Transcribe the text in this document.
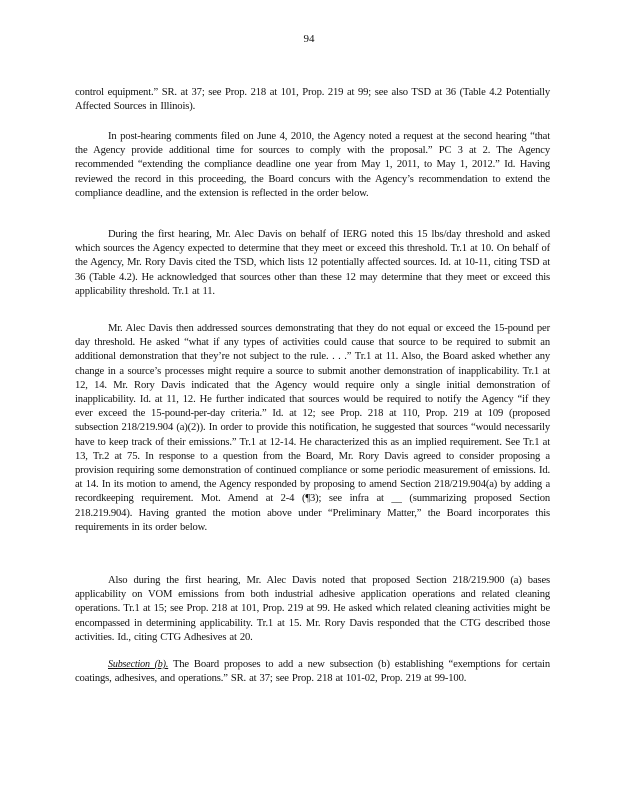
94
control equipment.” SR. at 37; see Prop. 218 at 101, Prop. 219 at 99; see also TSD at 36 (Table 4.2 Potentially Affected Sources in Illinois).
In post-hearing comments filed on June 4, 2010, the Agency noted a request at the second hearing “that the Agency provide additional time for sources to comply with the proposal.” PC 3 at 2. The Agency recommended “extending the compliance deadline one year from May 1, 2011, to May 1, 2012.” Id. Having reviewed the record in this proceeding, the Board concurs with the Agency’s recommendation to extend the compliance deadline, and the extension is reflected in the order below.
During the first hearing, Mr. Alec Davis on behalf of IERG noted this 15 lbs/day threshold and asked which sources the Agency expected to determine that they meet or exceed this threshold. Tr.1 at 10. On behalf of the Agency, Mr. Rory Davis cited the TSD, which lists 12 potentially affected sources. Id. at 10-11, citing TSD at 36 (Table 4.2). He acknowledged that sources other than these 12 may determine that they meet or exceed this applicability threshold. Tr.1 at 11.
Mr. Alec Davis then addressed sources demonstrating that they do not equal or exceed the 15-pound per day threshold. He asked “what if any types of activities could cause that source to be required to submit an additional demonstration that they’re not subject to the rule. . . .” Tr.1 at 11. Also, the Board asked whether any change in a source’s processes might require a source to submit another demonstration of inapplicability. Tr.1 at 12, 14. Mr. Rory Davis indicated that the Agency would require only a single initial demonstration of inapplicability. Id. at 11, 12. He further indicated that sources would be required to notify the Agency “if they ever exceed the 15-pound-per-day criteria.” Id. at 12; see Prop. 218 at 110, Prop. 219 at 109 (proposed subsection 218/219.904 (a)(2)). In order to provide this notification, he suggested that sources “would necessarily have to keep track of their emissions.” Tr.1 at 12-14. He characterized this as an implied requirement. See Tr.1 at 13, Tr.2 at 75. In response to a question from the Board, Mr. Rory Davis agreed to consider proposing a provision requiring some demonstration of continued compliance or some periodic measurement of emissions. Id. at 14. In its motion to amend, the Agency responded by proposing to amend Section 218/219.904(a) by adding a recordkeeping requirement. Mot. Amend at 2-4 (¶3); see infra at __ (summarizing proposed Section 218.219.904). Having granted the motion above under “Preliminary Matter,” the Board incorporates this requirements in its order below.
Also during the first hearing, Mr. Alec Davis noted that proposed Section 218/219.900 (a) bases applicability on VOM emissions from both industrial adhesive application operations and related cleaning operations. Tr.1 at 15; see Prop. 218 at 101, Prop. 219 at 99. He asked which related cleaning activities might be encompassed in determining applicability. Tr.1 at 15. Mr. Rory Davis responded that the CTG described those activities. Id., citing CTG Adhesives at 20.
Subsection (b). The Board proposes to add a new subsection (b) establishing “exemptions for certain coatings, adhesives, and operations.” SR. at 37; see Prop. 218 at 101-02, Prop. 219 at 99-100.
